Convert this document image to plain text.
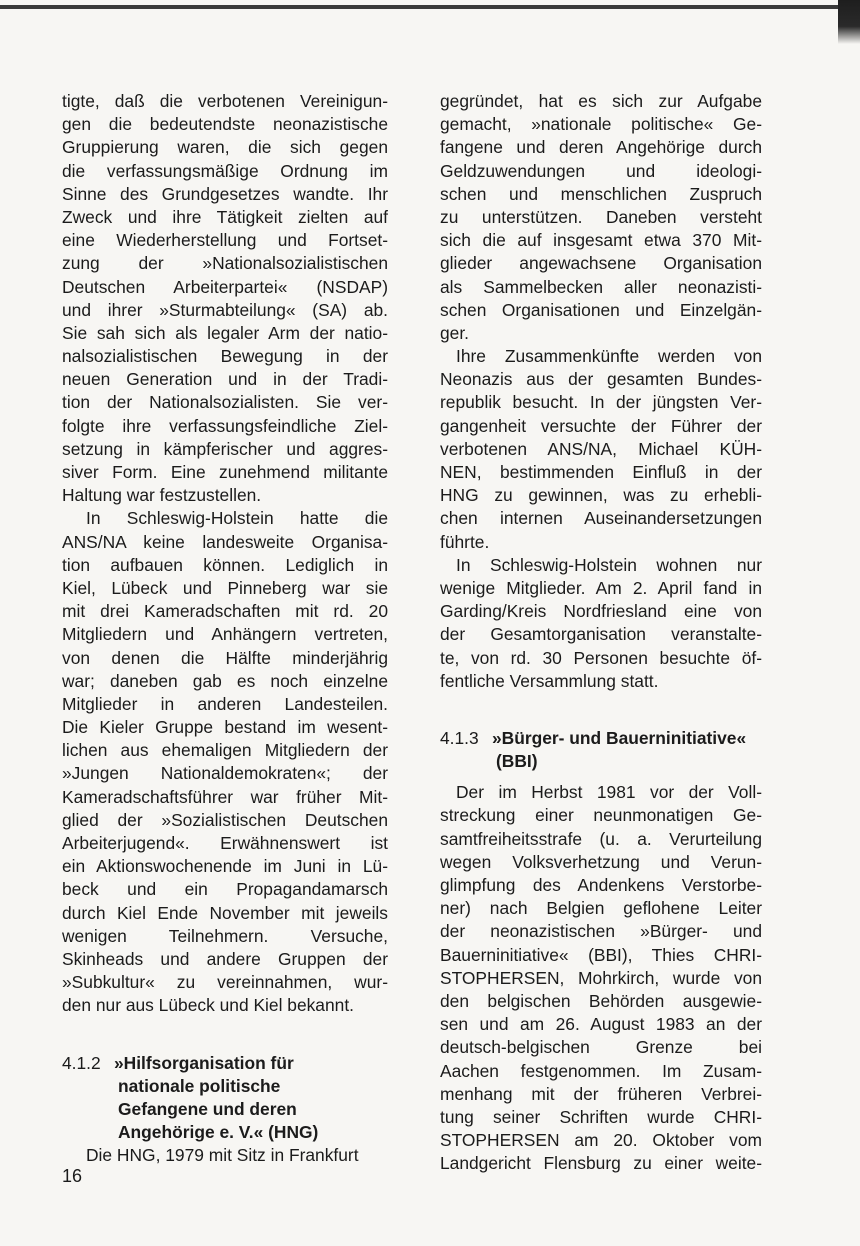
tigte, daß die verbotenen Vereinigun-
gen die bedeutendste neonazistische
Gruppierung waren, die sich gegen
die verfassungsmäßige Ordnung im
Sinne des Grundgesetzes wandte. Ihr
Zweck und ihre Tätigkeit zielten auf
eine Wiederherstellung und Fortset-
zung der »Nationalsozialistischen
Deutschen Arbeiterpartei« (NSDAP)
und ihrer »Sturmabteilung« (SA) ab.
Sie sah sich als legaler Arm der natio-
nalsozialistischen Bewegung in der
neuen Generation und in der Tradi-
tion der Nationalsozialisten. Sie ver-
folgte ihre verfassungsfeindliche Ziel-
setzung in kämpferischer und aggres-
siver Form. Eine zunehmend militante
Haltung war festzustellen.
In Schleswig-Holstein hatte die
ANS/NA keine landesweite Organisa-
tion aufbauen können. Lediglich in
Kiel, Lübeck und Pinneberg war sie
mit drei Kameradschaften mit rd. 20
Mitgliedern und Anhängern vertreten,
von denen die Hälfte minderjährig
war; daneben gab es noch einzelne
Mitglieder in anderen Landesteilen.
Die Kieler Gruppe bestand im wesent-
lichen aus ehemaligen Mitgliedern der
»Jungen Nationaldemokraten«; der
Kameradschaftsführer war früher Mit-
glied der »Sozialistischen Deutschen
Arbeiterjugend«. Erwähnenswert ist
ein Aktionswochenende im Juni in Lü-
beck und ein Propagandamarsch
durch Kiel Ende November mit jeweils
wenigen Teilnehmern. Versuche,
Skinheads und andere Gruppen der
»Subkultur« zu vereinnahmen, wur-
den nur aus Lübeck und Kiel bekannt.
4.1.2 »Hilfsorganisation für
nationale politische
Gefangene und deren
Angehörige e. V.« (HNG)
Die HNG, 1979 mit Sitz in Frankfurt
gegründet, hat es sich zur Aufgabe
gemacht, »nationale politische« Ge-
fangene und deren Angehörige durch
Geldzuwendungen und ideologi-
schen und menschlichen Zuspruch
zu unterstützen. Daneben versteht
sich die auf insgesamt etwa 370 Mit-
glieder angewachsene Organisation
als Sammelbecken aller neonazisti-
schen Organisationen und Einzelgän-
ger.
Ihre Zusammenkünfte werden von
Neonazis aus der gesamten Bundes-
republik besucht. In der jüngsten Ver-
gangenheit versuchte der Führer der
verbotenen ANS/NA, Michael KÜH-
NEN, bestimmenden Einfluß in der
HNG zu gewinnen, was zu erhebli-
chen internen Auseinandersetzungen
führte.
In Schleswig-Holstein wohnen nur
wenige Mitglieder. Am 2. April fand in
Garding/Kreis Nordfriesland eine von
der Gesamtorganisation veranstalte-
te, von rd. 30 Personen besuchte öf-
fentliche Versammlung statt.
4.1.3 »Bürger- und Bauerninitiative«
(BBI)
Der im Herbst 1981 vor der Voll-
streckung einer neunmonatigen Ge-
samtfreiheitsstrafe (u. a. Verurteilung
wegen Volksverhetzung und Verun-
glimpfung des Andenkens Verstorbe-
ner) nach Belgien geflohene Leiter
der neonazistischen »Bürger- und
Bauerninitiative« (BBI), Thies CHRI-
STOPHERSEN, Mohrkirch, wurde von
den belgischen Behörden ausgewie-
sen und am 26. August 1983 an der
deutsch-belgischen Grenze bei
Aachen festgenommen. Im Zusam-
menhang mit der früheren Verbrei-
tung seiner Schriften wurde CHRI-
STOPHERSEN am 20. Oktober vom
Landgericht Flensburg zu einer weite-
16
